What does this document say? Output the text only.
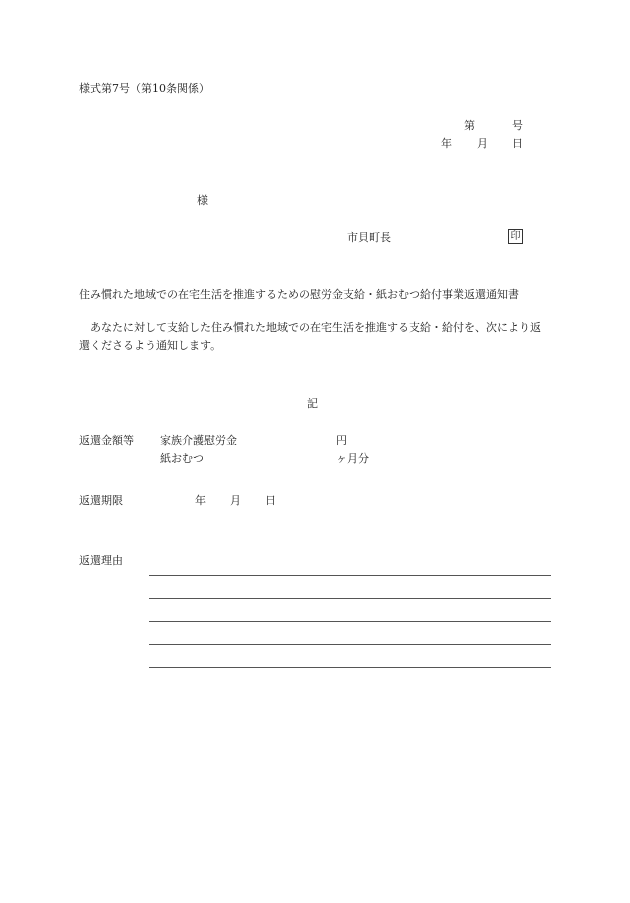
様式第7号（第10条関係）
第	号
年 月 日
様
市貝町長	印
住み慣れた地域での在宅生活を推進するための慰労金支給・紙おむつ給付事業返還通知書
　あなたに対して支給した住み慣れた地域での在宅生活を推進する支給・給付を、次により返還くださるよう通知します。
記
返還金額等 家族介護慰労金	円
紙おむつ	ヶ月分
返還期限	年 月 日
返還理由
